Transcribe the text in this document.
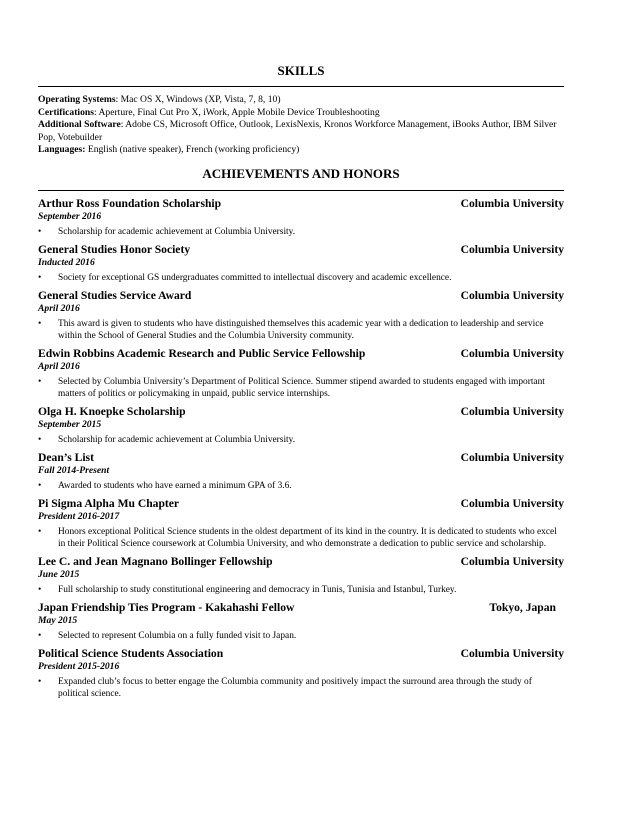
SKILLS
Operating Systems: Mac OS X, Windows (XP, Vista, 7, 8, 10)
Certifications: Aperture, Final Cut Pro X, iWork, Apple Mobile Device Troubleshooting
Additional Software: Adobe CS, Microsoft Office, Outlook, LexisNexis, Kronos Workforce Management, iBooks Author, IBM Silver Pop, Votebuilder
Languages: English (native speaker), French (working proficiency)
ACHIEVEMENTS AND HONORS
Arthur Ross Foundation Scholarship	Columbia University
September 2016
•	Scholarship for academic achievement at Columbia University.
General Studies Honor Society	Columbia University
Inducted 2016
•	Society for exceptional GS undergraduates committed to intellectual discovery and academic excellence.
General Studies Service Award	Columbia University
April 2016
•	This award is given to students who have distinguished themselves this academic year with a dedication to leadership and service within the School of General Studies and the Columbia University community.
Edwin Robbins Academic Research and Public Service Fellowship	Columbia University
April 2016
•	Selected by Columbia University’s Department of Political Science. Summer stipend awarded to students engaged with important matters of politics or policymaking in unpaid, public service internships.
Olga H. Knoepke Scholarship	Columbia University
September 2015
•	Scholarship for academic achievement at Columbia University.
Dean’s List	Columbia University
Fall 2014-Present
•	Awarded to students who have earned a minimum GPA of 3.6.
Pi Sigma Alpha Mu Chapter	Columbia University
President 2016-2017
•	Honors exceptional Political Science students in the oldest department of its kind in the country. It is dedicated to students who excel in their Political Science coursework at Columbia University, and who demonstrate a dedication to public service and scholarship.
Lee C. and Jean Magnano Bollinger Fellowship	Columbia University
June 2015
•	Full scholarship to study constitutional engineering and democracy in Tunis, Tunisia and Istanbul, Turkey.
Japan Friendship Ties Program - Kakahashi Fellow	Tokyo, Japan
May 2015
•	Selected to represent Columbia on a fully funded visit to Japan.
Political Science Students Association	Columbia University
President 2015-2016
•	Expanded club’s focus to better engage the Columbia community and positively impact the surround area through the study of political science.
